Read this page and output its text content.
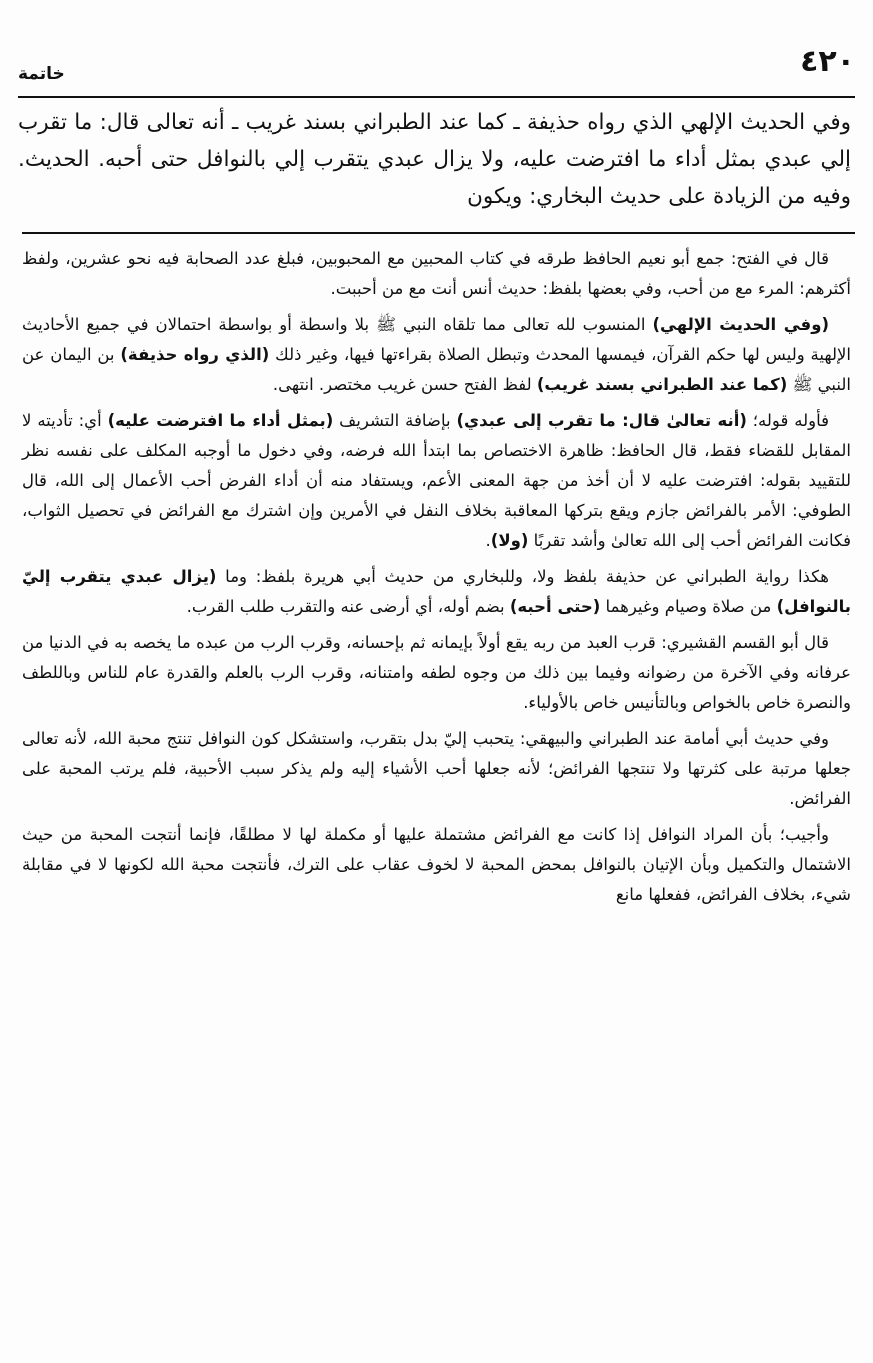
٤٢٠
خاتمة
وفي الحديث الإلهي الذي رواه حذيفة ـ كما عند الطبراني بسند غريب ـ أنه تعالى قال: ما تقرب إلي عبدي بمثل أداء ما افترضت عليه، ولا يزال عبدي يتقرب إلي بالنوافل حتى أحبه. الحديث. وفيه من الزيادة على حديث البخاري: ويكون

قال في الفتح: جمع أبو نعيم الحافظ طرقه في كتاب المحبين مع المحبوبين، فبلغ عدد الصحابة فيه نحو عشرين، ولفظ أكثرهم: المرء مع من أحب، وفي بعضها بلفظ: حديث أنس أنت مع من أحببت.

(وفي الحديث الإلهي) المنسوب لله تعالى مما تلقاه النبي ﷺ بلا واسطة أو بواسطة احتمالان في جميع الأحاديث الإلهية وليس لها حكم القرآن، فيمسها المحدث وتبطل الصلاة بقراءتها فيها، وغير ذلك (الذي رواه حذيفة) بن اليمان عن النبي ﷺ (كما عند الطبراني بسند غريب) لفظ الفتح حسن غريب مختصر. انتهى.

فأوله قوله؛ (أنه تعالىٰ قال: ما تقرب إلى عبدي) بإضافة التشريف (بمثل أداء ما افترضت عليه) أي: تأديته لا المقابل للقضاء فقط، قال الحافظ: ظاهرة الاختصاص بما ابتدأ الله فرضه، وفي دخول ما أوجبه المكلف على نفسه نظر للتقييد بقوله: افترضت عليه لا أن أخذ من جهة المعنى الأعم، ويستفاد منه أن أداء الفرض أحب الأعمال إلى الله، قال الطوفي: الأمر بالفرائض جازم ويقع بتركها المعاقبة بخلاف النفل في الأمرين وإن اشترك مع الفرائض في تحصيل الثواب، فكانت الفرائض أحب إلى الله تعالىٰ وأشد تقربًا (ولا).

هكذا رواية الطبراني عن حذيفة بلفظ ولا، وللبخاري من حديث أبي هريرة بلفظ: وما (يزال عبدي يتقرب إليّ بالنوافل) من صلاة وصيام وغيرهما (حتى أحبه) بضم أوله، أي أرضى عنه والتقرب طلب القرب.

قال أبو القسم القشيري: قرب العبد من ربه يقع أولاً بإيمانه ثم بإحسانه، وقرب الرب من عبده ما يخصه به في الدنيا من عرفانه وفي الآخرة من رضوانه وفيما بين ذلك من وجوه لطفه وامتنانه، وقرب الرب بالعلم والقدرة عام للناس وباللطف والنصرة خاص بالخواص وبالتأنيس خاص بالأولياء.

وفي حديث أبي أمامة عند الطبراني والبيهقي: يتحبب إليّ بدل بتقرب، واستشكل كون النوافل تنتج محبة الله، لأنه تعالى جعلها مرتبة على كثرتها ولا تنتجها الفرائض؛ لأنه جعلها أحب الأشياء إليه ولم يذكر سبب الأحبية، فلم يرتب المحبة على الفرائض.

وأجيب؛ بأن المراد النوافل إذا كانت مع الفرائض مشتملة عليها أو مكملة لها لا مطلقًا، فإنما أنتجت المحبة من حيث الاشتمال والتكميل وبأن الإتيان بالنوافل بمحض المحبة لا لخوف عقاب على الترك، فأنتجت محبة الله لكونها لا في مقابلة شيء، بخلاف الفرائض، ففعلها مانع
